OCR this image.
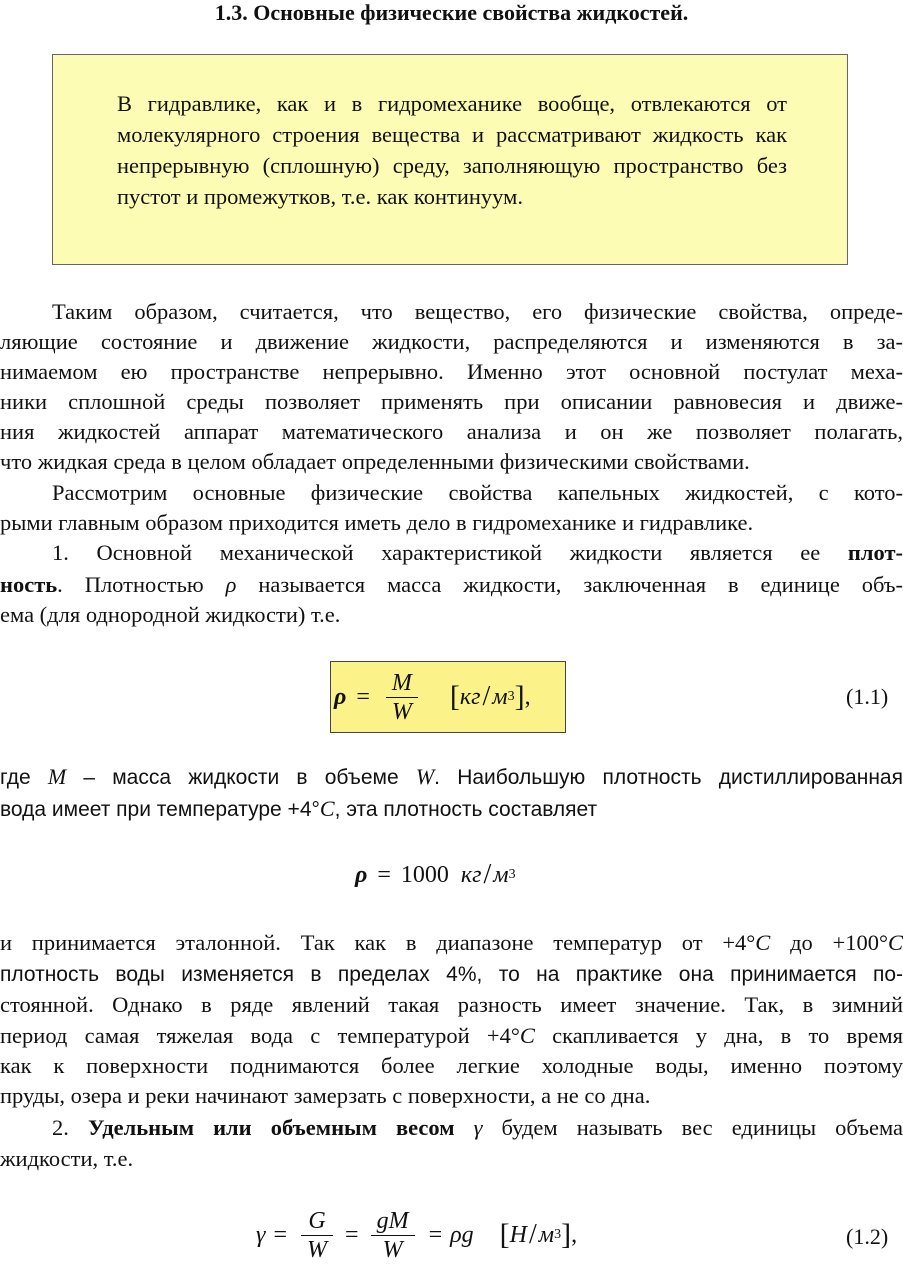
1.3. Основные физические свойства жидкостей.
В гидравлике, как и в гидромеханике вообще, отвлекаются от молекулярного строения вещества и рассматривают жидкость как непрерывную (сплошную) среду, заполняющую пространство без пустот и промежутков, т.е. как континуум.
Таким образом, считается, что вещество, его физические свойства, опреде-
ляющие состояние и движение жидкости, распределяются и изменяются в за-
нимаемом ею пространстве непрерывно. Именно этот основной постулат меха-
ники сплошной среды позволяет применять при описании равновесия и движе-
ния жидкостей аппарат математического анализа и он же позволяет полагать,
что жидкая среда в целом обладает определенными физическими свойствами.
Рассмотрим основные физические свойства капельных жидкостей, с кото-
рыми главным образом приходится иметь дело в гидромеханике и гидравлике.
1. Основной механической характеристикой жидкости является ее плот-
ность. Плотностью ρ называется масса жидкости, заключенная в единице объ-
ема (для однородной жидкости) т.е.
$\rho = \frac{M}{W}$ [ кг / м 3 ] ,	(1.1)
где M – масса жидкости в объеме W. Наибольшую плотность дистиллированная
вода имеет при температуре +4°C, эта плотность составляет
ρ = 1000 кг / м 3
и принимается эталонной. Так как в диапазоне температур от +4°C до +100°C
плотность воды изменяется в пределах 4%, то на практике она принимается по-
стоянной. Однако в ряде явлений такая разность имеет значение. Так, в зимний
период самая тяжелая вода с температурой +4°C скапливается у дна, в то время
как к поверхности поднимаются более легкие холодные воды, именно поэтому
пруды, озера и реки начинают замерзать с поверхности, а не со дна.
2. Удельным или объемным весом γ будем называть вес единицы объема
жидкости, т.е.
$\gamma = \frac{G}{W} = \frac{gM}{W} = \rho g$ [ Н / м 3 ] ,	(1.2)
